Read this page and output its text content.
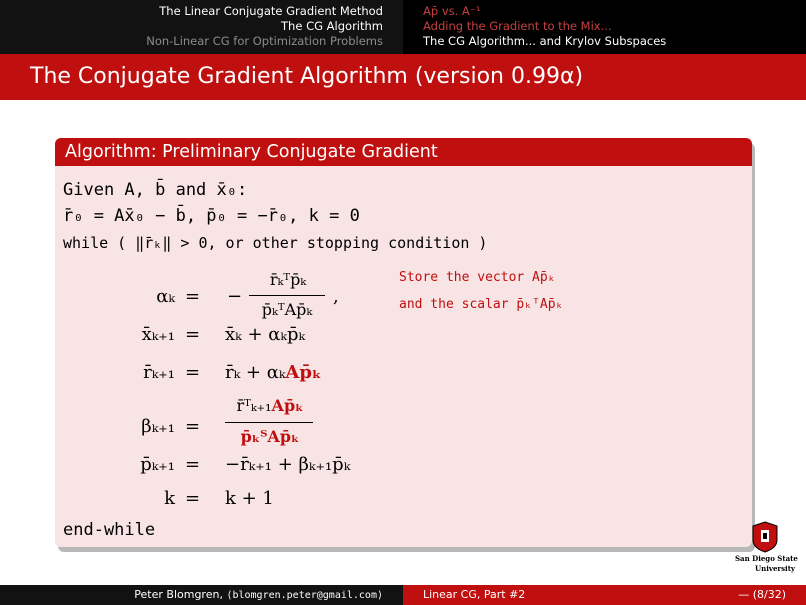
The Linear Conjugate Gradient Method
The CG Algorithm
Non-Linear CG for Optimization Problems
Ap̄ vs. A⁻¹
Adding the Gradient to the Mix...
The CG Algorithm... and Krylov Subspaces
The Conjugate Gradient Algorithm (version 0.99α)
Algorithm: Preliminary Conjugate Gradient
Given A, b̄ and x̄₀:
r̄₀ = Ax̄₀ − b̄, p̄₀ = −r̄₀, k = 0
while ( ‖r̄ₖ‖ > 0, or other stopping condition )
αₖ
x̄ₖ₊₁
r̄ₖ₊₁
βₖ₊₁
p̄ₖ₊₁
k
=
=
=
=
=
=
−
r̄ₖᵀp̄ₖ
p̄ₖᵀAp̄ₖ
,
x̄ₖ + αₖp̄ₖ
r̄ₖ + αₖAp̄ₖ
r̄ᵀₖ₊₁Ap̄ₖ
p̄ₖᵀAp̄ₖ
−r̄ₖ₊₁ + βₖ₊₁p̄ₖ
k + 1
end-while
Store the vector Ap̄ₖ
and the scalar p̄ₖᵀAp̄ₖ
San Diego State
University
Peter Blomgren, ⟨blomgren.peter@gmail.com⟩	Linear CG, Part #2	— (8/32)
